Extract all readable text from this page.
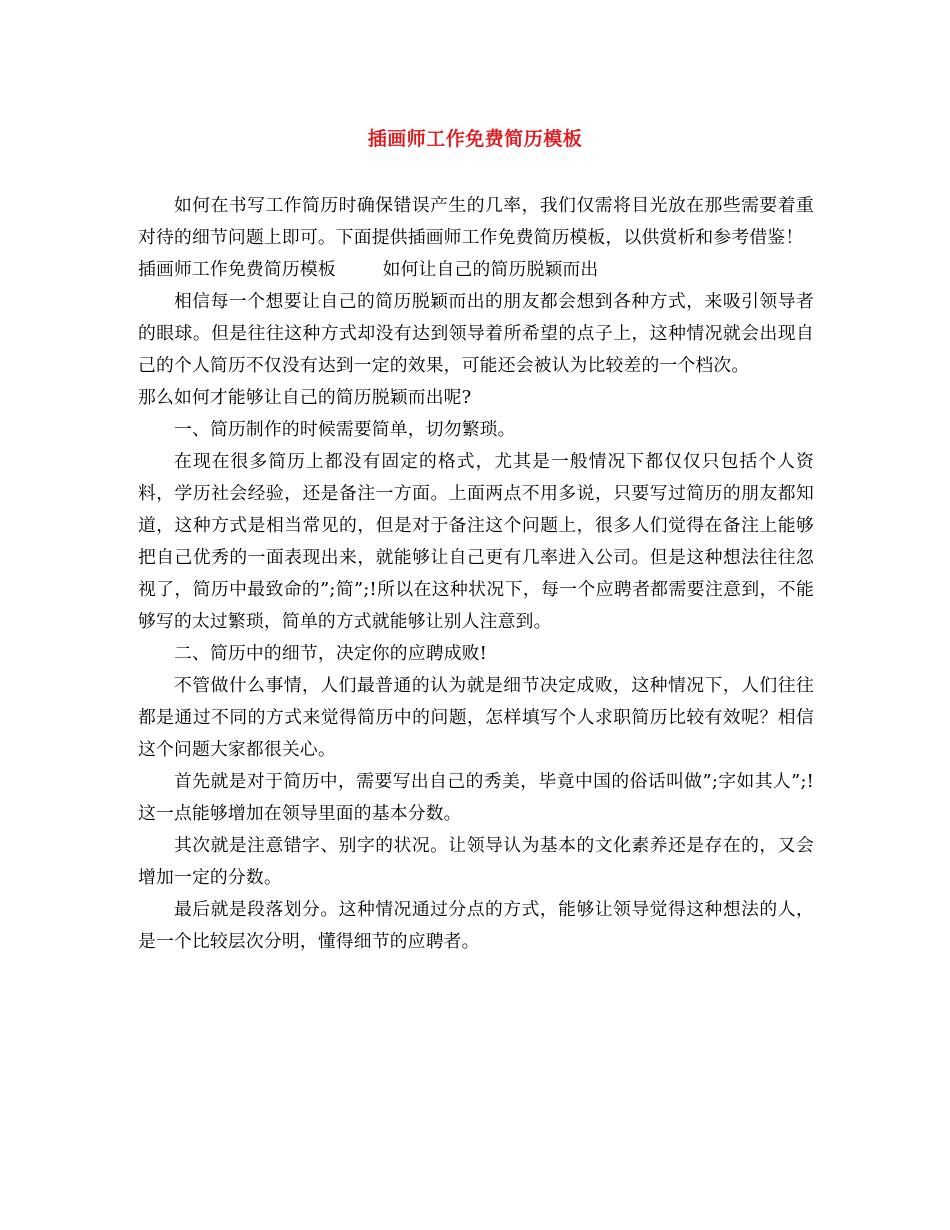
插画师工作免费简历模板

如何在书写工作简历时确保错误产生的几率，我们仅需将目光放在那些需要着重对待的细节问题上即可。下面提供插画师工作免费简历模板，以供赏析和参考借鉴！

插画师工作免费简历模板        如何让自己的简历脱颖而出

相信每一个想要让自己的简历脱颖而出的朋友都会想到各种方式，来吸引领导者的眼球。但是往往这种方式却没有达到领导着所希望的点子上，这种情况就会出现自己的个人简历不仅没有达到一定的效果，可能还会被认为比较差的一个档次。

那么如何才能够让自己的简历脱颖而出呢?

一、简历制作的时候需要简单，切勿繁琐。

在现在很多简历上都没有固定的格式，尤其是一般情况下都仅仅只包括个人资料，学历社会经验，还是备注一方面。上面两点不用多说，只要写过简历的朋友都知道，这种方式是相当常见的，但是对于备注这个问题上，很多人们觉得在备注上能够把自己优秀的一面表现出来，就能够让自己更有几率进入公司。但是这种想法往往忽视了，简历中最致命的”;简”;!所以在这种状况下，每一个应聘者都需要注意到，不能够写的太过繁琐，简单的方式就能够让别人注意到。

二、简历中的细节，决定你的应聘成败!

不管做什么事情，人们最普通的认为就是细节决定成败，这种情况下，人们往往都是通过不同的方式来觉得简历中的问题，怎样填写个人求职简历比较有效呢？相信这个问题大家都很关心。

首先就是对于简历中，需要写出自己的秀美，毕竟中国的俗话叫做”;字如其人”;!这一点能够增加在领导里面的基本分数。

其次就是注意错字、别字的状况。让领导认为基本的文化素养还是存在的，又会增加一定的分数。

最后就是段落划分。这种情况通过分点的方式，能够让领导觉得这种想法的人，是一个比较层次分明，懂得细节的应聘者。
